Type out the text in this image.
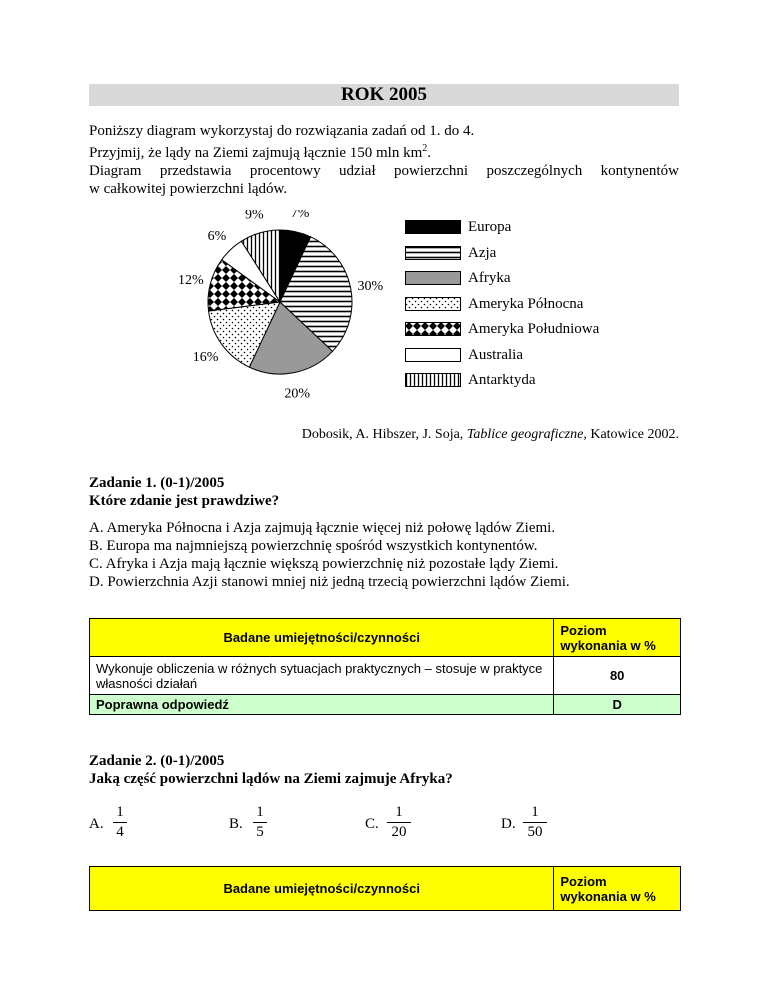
ROK 2005
Poniższy diagram wykorzystaj do rozwiązania zadań od 1. do 4.
Przyjmij, że lądy na Ziemi zajmują łącznie 150 mln $km^2$.
Diagram przedstawia procentowy udział powierzchni poszczególnych kontynentów
w całkowitej powierzchni lądów.
7%
30%
20%
16%
12%
6%
9%
Europa
Azja
Afryka
Ameryka Północna
Ameryka Południowa
Australia
Antarktyda
Dobosik, A. Hibszer, J. Soja, Tablice geograficzne, Katowice 2002.
Zadanie 1. (0-1)/2005
Które zdanie jest prawdziwe?
A. Ameryka Północna i Azja zajmują łącznie więcej niż połowę lądów Ziemi.
B. Europa ma najmniejszą powierzchnię spośród wszystkich kontynentów.
C. Afryka i Azja mają łącznie większą powierzchnię niż pozostałe lądy Ziemi.
D. Powierzchnia Azji stanowi mniej niż jedną trzecią powierzchni lądów Ziemi.
Badane umiejętności/czynności	Poziom
wykonania w %

Wykonuje obliczenia w różnych sytuacjach praktycznych – stosuje w praktyce własności działań	80
Poprawna odpowiedź	D
Zadanie 2. (0-1)/2005
Jaką część powierzchni lądów na Ziemi zajmuje Afryka?
A.
1
4	B.
1
5	C.
1
20	D.
1
50
Badane umiejętności/czynności	Poziom
wykonania w %
